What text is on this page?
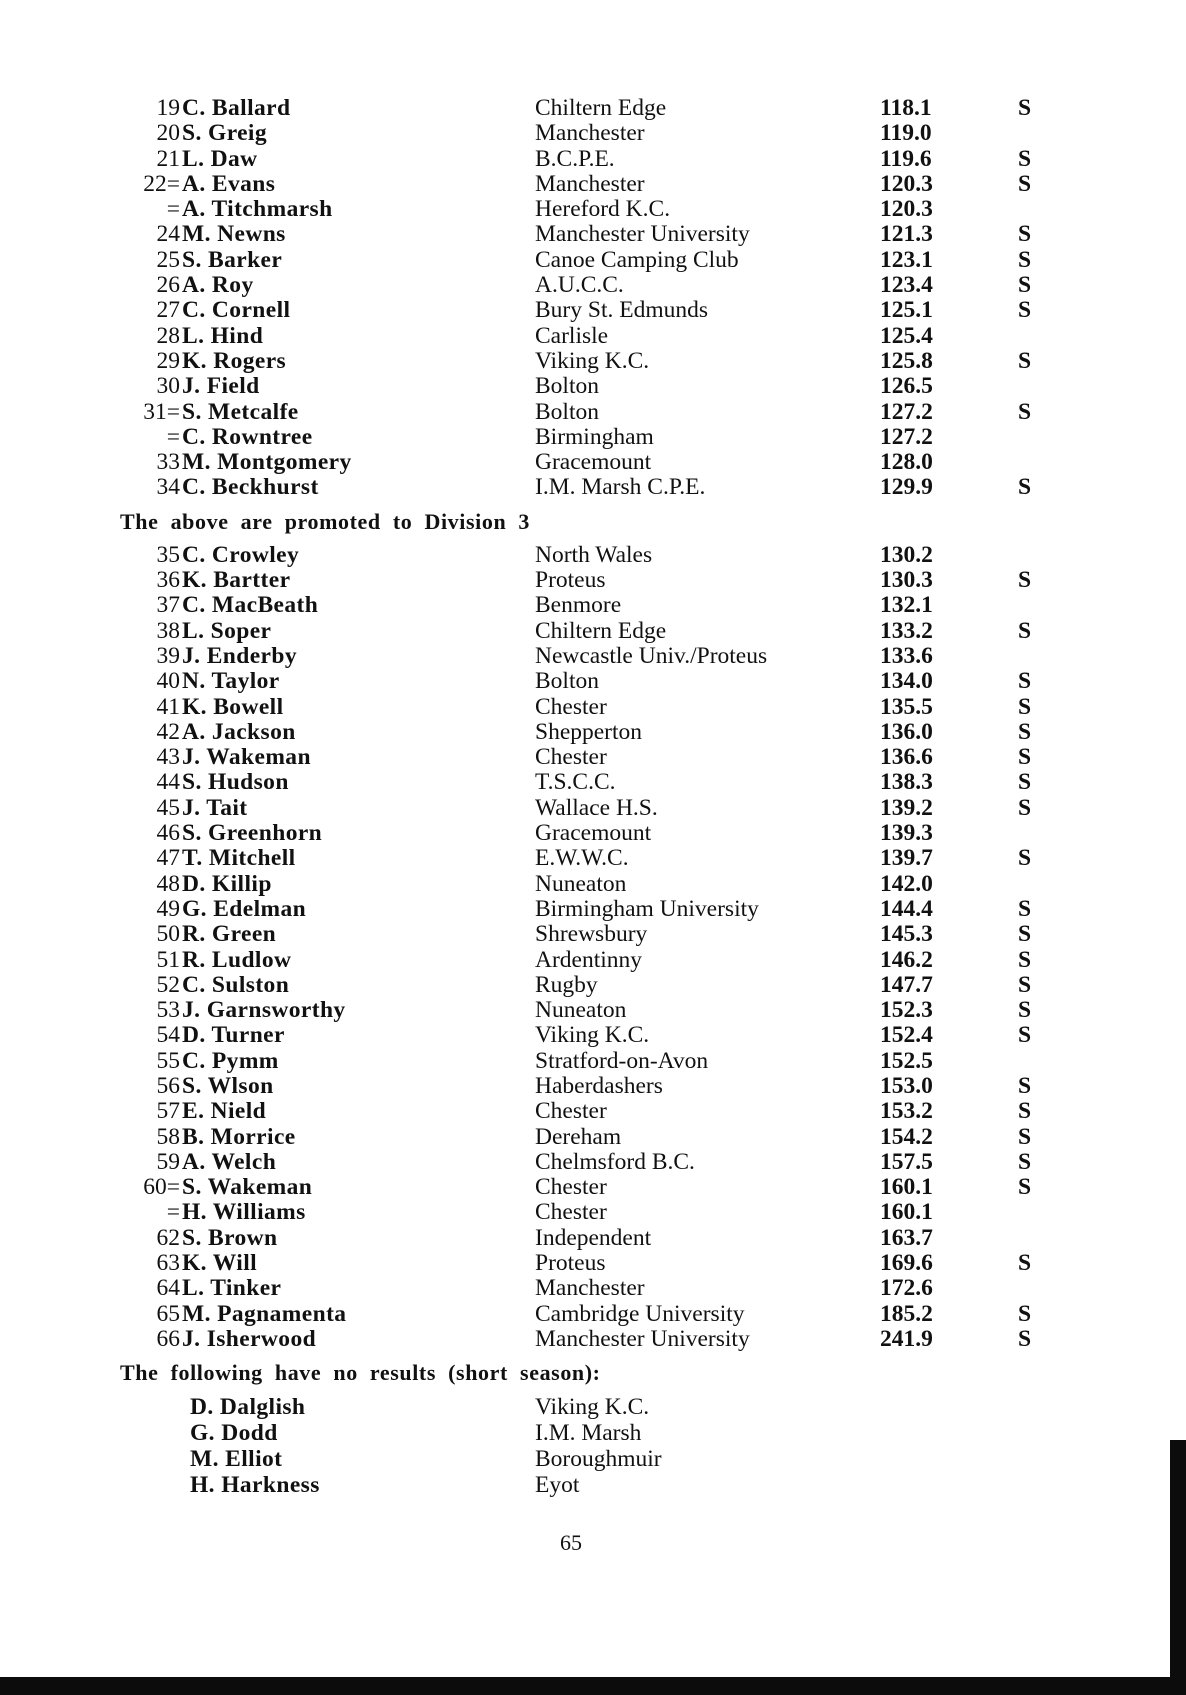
19 C. Ballard	Chiltern Edge	118.1	S
20 S. Greig	Manchester	119.0
21 L. Daw	B.C.P.E.	119.6	S
22= A. Evans	Manchester	120.3	S
= A. Titchmarsh	Hereford K.C.	120.3
24 M. Newns	Manchester University	121.3	S
25 S. Barker	Canoe Camping Club	123.1	S
26 A. Roy	A.U.C.C.	123.4	S
27 C. Cornell	Bury St. Edmunds	125.1	S
28 L. Hind	Carlisle	125.4
29 K. Rogers	Viking K.C.	125.8	S
30 J. Field	Bolton	126.5
31= S. Metcalfe	Bolton	127.2	S
= C. Rowntree	Birmingham	127.2
33 M. Montgomery	Gracemount	128.0
34 C. Beckhurst	I.M. Marsh C.P.E.	129.9	S
The above are promoted to Division 3
35 C. Crowley	North Wales	130.2
36 K. Bartter	Proteus	130.3	S
37 C. MacBeath	Benmore	132.1
38 L. Soper	Chiltern Edge	133.2	S
39 J. Enderby	Newcastle Univ./Proteus	133.6
40 N. Taylor	Bolton	134.0	S
41 K. Bowell	Chester	135.5	S
42 A. Jackson	Shepperton	136.0	S
43 J. Wakeman	Chester	136.6	S
44 S. Hudson	T.S.C.C.	138.3	S
45 J. Tait	Wallace H.S.	139.2	S
46 S. Greenhorn	Gracemount	139.3
47 T. Mitchell	E.W.W.C.	139.7	S
48 D. Killip	Nuneaton	142.0
49 G. Edelman	Birmingham University	144.4	S
50 R. Green	Shrewsbury	145.3	S
51 R. Ludlow	Ardentinny	146.2	S
52 C. Sulston	Rugby	147.7	S
53 J. Garnsworthy	Nuneaton	152.3	S
54 D. Turner	Viking K.C.	152.4	S
55 C. Pymm	Stratford-on-Avon	152.5
56 S. Wlson	Haberdashers	153.0	S
57 E. Nield	Chester	153.2	S
58 B. Morrice	Dereham	154.2	S
59 A. Welch	Chelmsford B.C.	157.5	S
60= S. Wakeman	Chester	160.1	S
= H. Williams	Chester	160.1
62 S. Brown	Independent	163.7
63 K. Will	Proteus	169.6	S
64 L. Tinker	Manchester	172.6
65 M. Pagnamenta	Cambridge University	185.2	S
66 J. Isherwood	Manchester University	241.9	S
The following have no results (short season):
D. Dalglish	Viking K.C.
G. Dodd	I.M. Marsh
M. Elliot	Boroughmuir
H. Harkness	Eyot
65
